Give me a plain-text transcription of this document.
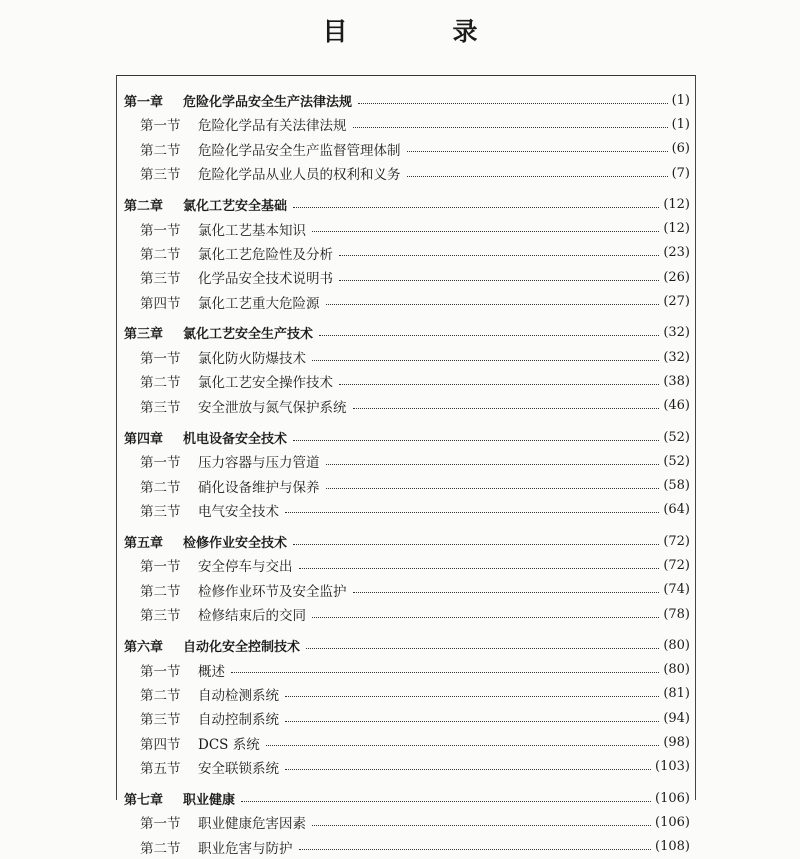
目　录
第一章	危险化学品安全生产法律法规	(1)
第一节	危险化学品有关法律法规	(1)
第二节	危险化学品安全生产监督管理体制	(6)
第三节	危险化学品从业人员的权利和义务	(7)
第二章	氯化工艺安全基础	(12)
第一节	氯化工艺基本知识	(12)
第二节	氯化工艺危险性及分析	(23)
第三节	化学品安全技术说明书	(26)
第四节	氯化工艺重大危险源	(27)
第三章	氯化工艺安全生产技术	(32)
第一节	氯化防火防爆技术	(32)
第二节	氯化工艺安全操作技术	(38)
第三节	安全泄放与氮气保护系统	(46)
第四章	机电设备安全技术	(52)
第一节	压力容器与压力管道	(52)
第二节	硝化设备维护与保养	(58)
第三节	电气安全技术	(64)
第五章	检修作业安全技术	(72)
第一节	安全停车与交出	(72)
第二节	检修作业环节及安全监护	(74)
第三节	检修结束后的交同	(78)
第六章	自动化安全控制技术	(80)
第一节	概述	(80)
第二节	自动检测系统	(81)
第三节	自动控制系统	(94)
第四节	DCS 系统	(98)
第五节	安全联锁系统	(103)
第七章	职业健康	(106)
第一节	职业健康危害因素	(106)
第二节	职业危害与防护	(108)
